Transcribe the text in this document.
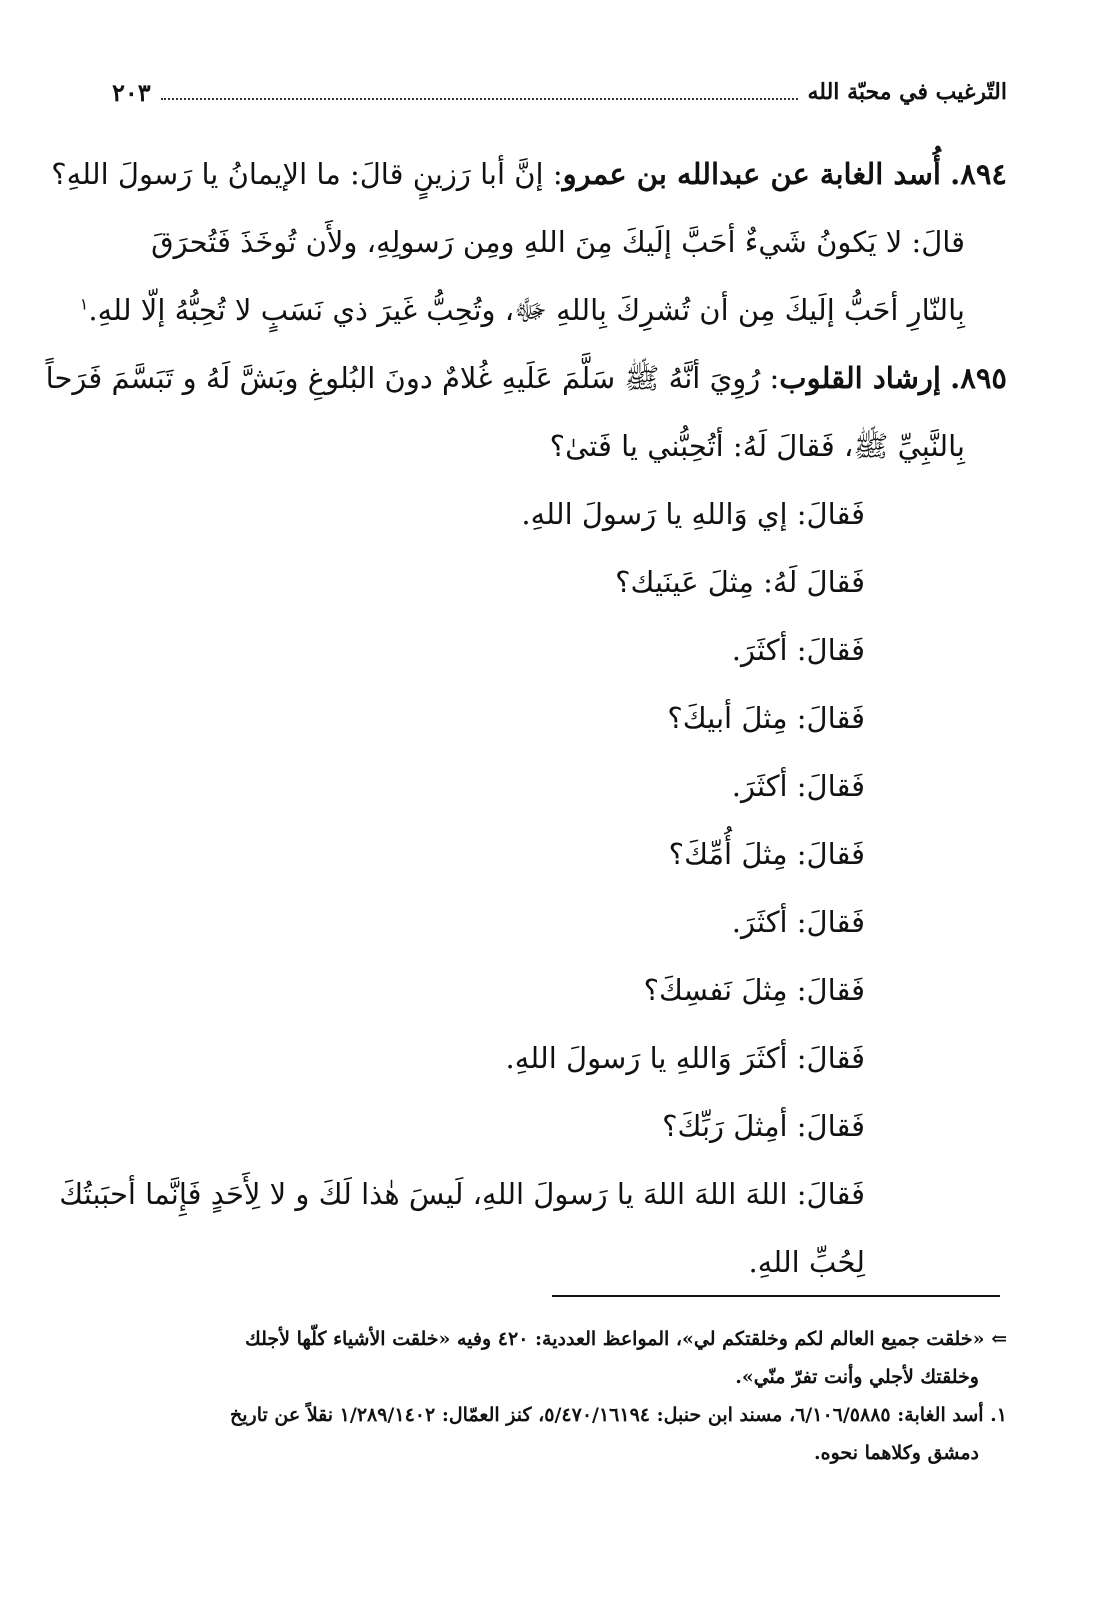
التّرغيب في محبّة الله
٢٠٣
٨٩٤. أُسد الغابة عن عبدالله بن عمرو: إنَّ أبا رَزينٍ قالَ: ما الإيمانُ يا رَسولَ اللهِ؟
قالَ: لا يَكونُ شَيءٌ أحَبَّ إلَيكَ مِنَ اللهِ ومِن رَسولِهِ، ولأَن تُوخَذَ فَتُحرَقَ
بِالنّارِ أحَبُّ إلَيكَ مِن أن تُشرِكَ بِاللهِ ﷻ، وتُحِبُّ غَيرَ ذي نَسَبٍ لا تُحِبُّهُ إلّا للهِ.$^١$
٨٩٥. إرشاد القلوب: رُوِيَ أنَّهُ ﷺ سَلَّمَ عَلَيهِ غُلامٌ دونَ البُلوغِ وبَشَّ لَهُ و تَبَسَّمَ فَرَحاً
بِالنَّبِيِّ ﷺ، فَقالَ لَهُ: أتُحِبُّني يا فَتىٰ؟
فَقالَ: إي وَاللهِ يا رَسولَ اللهِ.
فَقالَ لَهُ: مِثلَ عَينَيك؟
فَقالَ: أكثَرَ.
فَقالَ: مِثلَ أبيكَ؟
فَقالَ: أكثَرَ.
فَقالَ: مِثلَ أُمِّكَ؟
فَقالَ: أكثَرَ.
فَقالَ: مِثلَ نَفسِكَ؟
فَقالَ: أكثَرَ وَاللهِ يا رَسولَ اللهِ.
فَقالَ: أمِثلَ رَبِّكَ؟
فَقالَ: اللهَ اللهَ اللهَ يا رَسولَ اللهِ، لَيسَ هٰذا لَكَ و لا لِأَحَدٍ فَإِنَّما أحبَبتُكَ
لِحُبِّ اللهِ.
⇐ «خلقت جميع العالم لكم وخلقتكم لي»، المواعظ العددية: ٤٢٠ وفيه «خلقت الأشياء كلّها لأجلك
وخلقتك لأجلي وأنت تفرّ منّي».
١. أسد الغابة: ٦/١٠٦/٥٨٨٥، مسند ابن حنبل: ٥/٤٧٠/١٦١٩٤، كنز العمّال: ١/٢٨٩/١٤٠٢ نقلاً عن تاريخ
دمشق وكلاهما نحوه.
